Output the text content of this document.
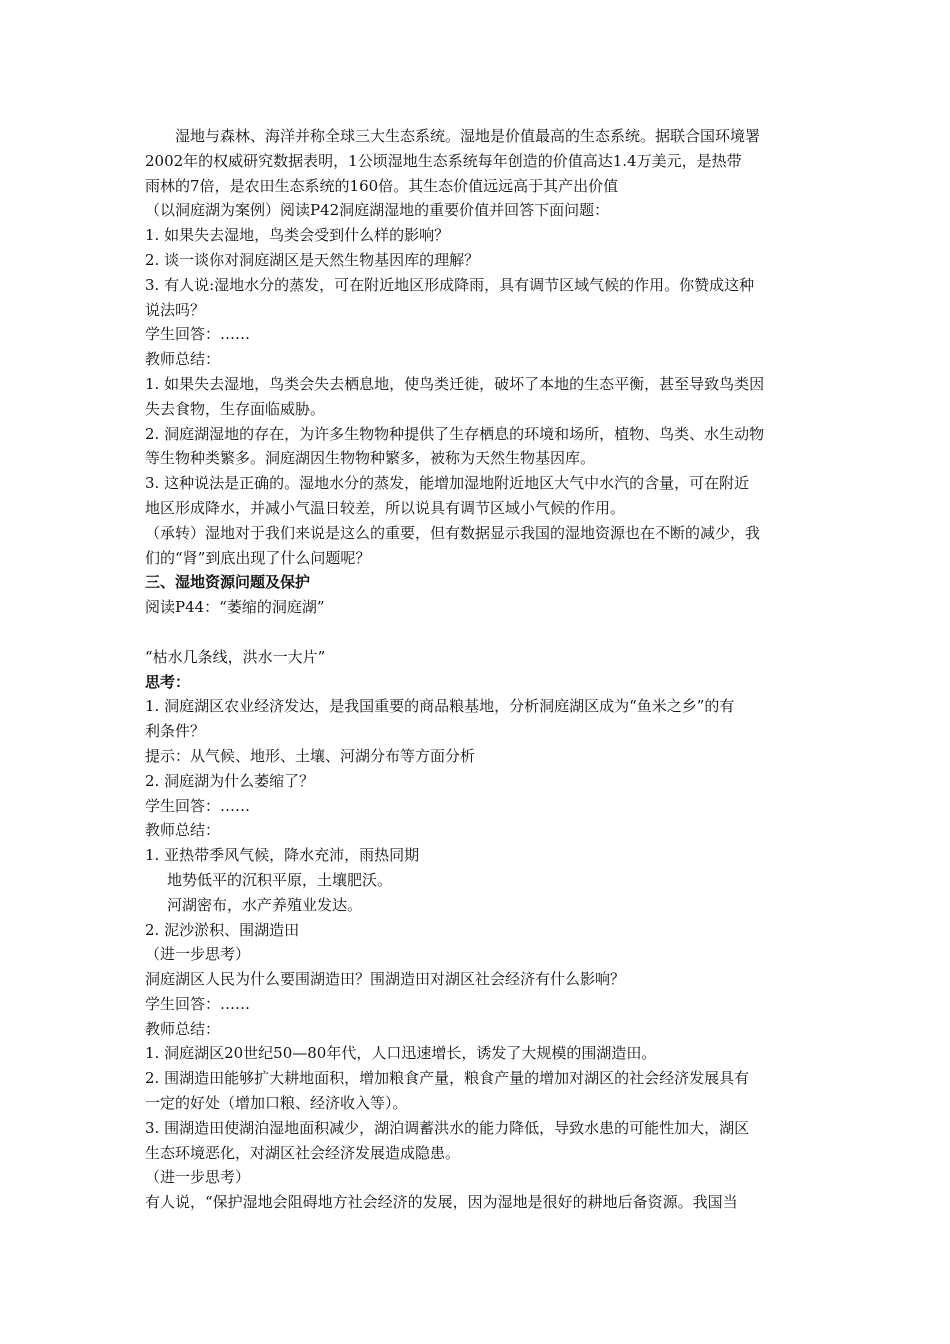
湿地与森林、海洋并称全球三大生态系统。湿地是价值最高的生态系统。据联合国环境署
2002年的权威研究数据表明，1公顷湿地生态系统每年创造的价值高达1.4万美元，是热带
雨林的7倍，是农田生态系统的160倍。其生态价值远远高于其产出价值
（以洞庭湖为案例）阅读P42洞庭湖湿地的重要价值并回答下面问题：
1. 如果失去湿地，鸟类会受到什么样的影响？
2. 谈一谈你对洞庭湖区是天然生物基因库的理解？
3. 有人说:湿地水分的蒸发，可在附近地区形成降雨，具有调节区域气候的作用。你赞成这种
说法吗？
学生回答：……
教师总结：
1. 如果失去湿地，鸟类会失去栖息地，使鸟类迁徙，破坏了本地的生态平衡，甚至导致鸟类因
失去食物，生存面临威胁。
2. 洞庭湖湿地的存在，为许多生物物种提供了生存栖息的环境和场所，植物、鸟类、水生动物
等生物种类繁多。洞庭湖因生物物种繁多，被称为天然生物基因库。
3. 这种说法是正确的。湿地水分的蒸发，能增加湿地附近地区大气中水汽的含量，可在附近
地区形成降水，并减小气温日较差，所以说具有调节区域小气候的作用。
（承转）湿地对于我们来说是这么的重要，但有数据显示我国的湿地资源也在不断的减少，我
们的“肾”到底出现了什么问题呢？
三、湿地资源问题及保护
阅读P44：“萎缩的洞庭湖”
“枯水几条线，洪水一大片”
思考：
1. 洞庭湖区农业经济发达，是我国重要的商品粮基地，分析洞庭湖区成为“鱼米之乡”的有
利条件？
提示：从气候、地形、土壤、河湖分布等方面分析
2. 洞庭湖为什么萎缩了？
学生回答：……
教师总结：
1. 亚热带季风气候，降水充沛，雨热同期
地势低平的沉积平原，土壤肥沃。
河湖密布，水产养殖业发达。
2. 泥沙淤积、围湖造田
（进一步思考）
洞庭湖区人民为什么要围湖造田？围湖造田对湖区社会经济有什么影响？
学生回答：……
教师总结：
1. 洞庭湖区20世纪50—80年代，人口迅速增长，诱发了大规模的围湖造田。
2. 围湖造田能够扩大耕地面积，增加粮食产量，粮食产量的增加对湖区的社会经济发展具有
一定的好处（增加口粮、经济收入等）。
3. 围湖造田使湖泊湿地面积减少，湖泊调蓄洪水的能力降低，导致水患的可能性加大，湖区
生态环境恶化，对湖区社会经济发展造成隐患。
（进一步思考）
有人说，“保护湿地会阻碍地方社会经济的发展，因为湿地是很好的耕地后备资源。我国当
